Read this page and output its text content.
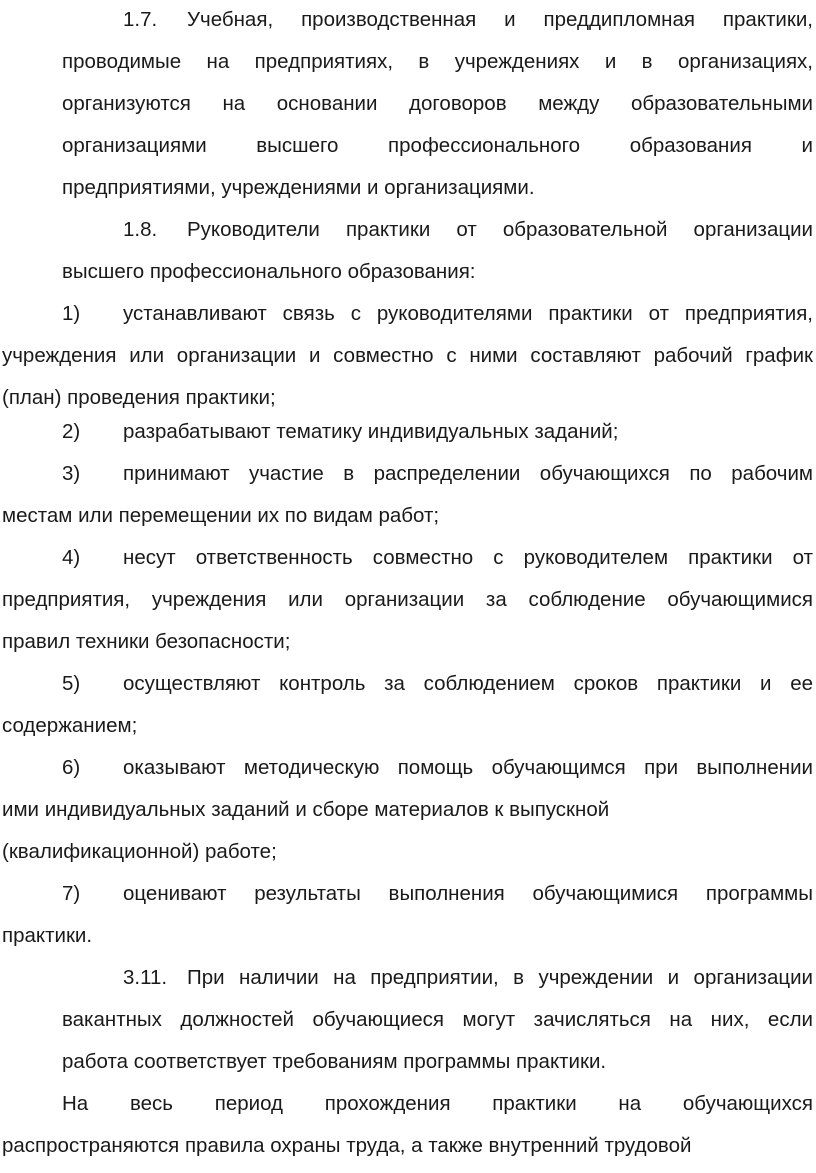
1.7. Учебная, производственная и преддипломная практики,
проводимые на предприятиях, в учреждениях и в организациях,
организуются на основании договоров между образовательными
организациями высшего профессионального образования и
предприятиями, учреждениями и организациями.
1.8. Руководители практики от образовательной организации
высшего профессионального образования:
1) устанавливают связь с руководителями практики от предприятия,
учреждения или организации и совместно с ними составляют рабочий график
(план) проведения практики;
2) разрабатывают тематику индивидуальных заданий;
3) принимают участие в распределении обучающихся по рабочим
местам или перемещении их по видам работ;
4) несут ответственность совместно с руководителем практики от
предприятия, учреждения или организации за соблюдение обучающимися
правил техники безопасности;
5) осуществляют контроль за соблюдением сроков практики и ее
содержанием;
6) оказывают методическую помощь обучающимся при выполнении
ими индивидуальных заданий и сборе материалов к выпускной
(квалификационной) работе;
7) оценивают результаты выполнения обучающимися программы
практики.
3.11. При наличии на предприятии, в учреждении и организации
вакантных должностей обучающиеся могут зачисляться на них, если
работа соответствует требованиям программы практики.
На весь период прохождения практики на обучающихся
распространяются правила охраны труда, а также внутренний трудовой
